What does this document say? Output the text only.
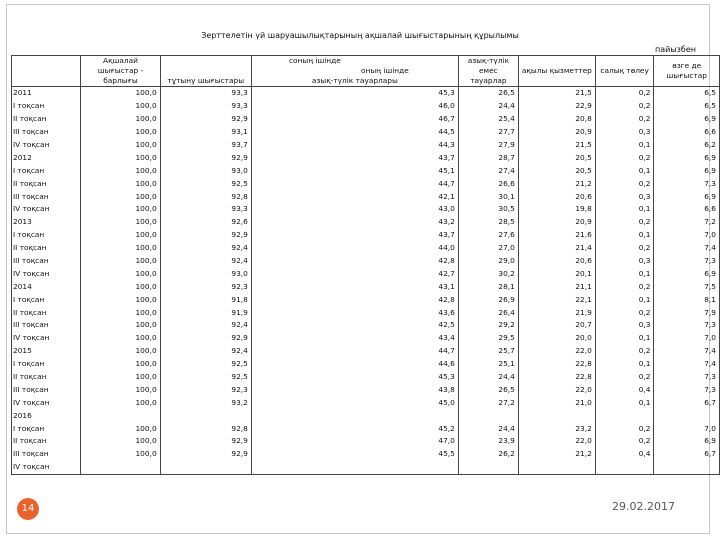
Зерттелетін үй шаруашылықтарының ақшалай шығыстарының құрылымы
пайызбен
	Ақшалай шығыстар - барлығы	тұтыну шығыстары	соның ішінде
оның ішінде
азық-түлік тауарлары	азық-түлік емес тауарлар	ақылы қызметтер	салық төлеу	өзге де шығыстар
2011	100,0	93,3	45,3	26,5	21,5	0,2	6,5
I тоқсан	100,0	93,3	46,0	24,4	22,9	0,2	6,5
II тоқсан	100,0	92,9	46,7	25,4	20,8	0,2	6,9
III тоқсан	100,0	93,1	44,5	27,7	20,9	0,3	6,6
IV тоқсан	100,0	93,7	44,3	27,9	21,5	0,1	6,2
2012	100,0	92,9	43,7	28,7	20,5	0,2	6,9
I тоқсан	100,0	93,0	45,1	27,4	20,5	0,1	6,9
II тоқсан	100,0	92,5	44,7	26,6	21,2	0,2	7,3
III тоқсан	100,0	92,8	42,1	30,1	20,6	0,3	6,9
IV тоқсан	100,0	93,3	43,0	30,5	19,8	0,1	6,6
2013	100,0	92,6	43,2	28,5	20,9	0,2	7,2
I тоқсан	100,0	92,9	43,7	27,6	21,6	0,1	7,0
II тоқсан	100,0	92,4	44,0	27,0	21,4	0,2	7,4
III тоқсан	100,0	92,4	42,8	29,0	20,6	0,3	7,3
IV тоқсан	100,0	93,0	42,7	30,2	20,1	0,1	6,9
2014	100,0	92,3	43,1	28,1	21,1	0,2	7,5
I тоқсан	100,0	91,8	42,8	26,9	22,1	0,1	8,1
II тоқсан	100,0	91,9	43,6	26,4	21,9	0,2	7,9
III тоқсан	100,0	92,4	42,5	29,2	20,7	0,3	7,3
IV тоқсан	100,0	92,9	43,4	29,5	20,0	0,1	7,0
2015	100,0	92,4	44,7	25,7	22,0	0,2	7,4
I тоқсан	100,0	92,5	44,6	25,1	22,8	0,1	7,4
II тоқсан	100,0	92,5	45,3	24,4	22,8	0,2	7,3
III тоқсан	100,0	92,3	43,8	26,5	22,0	0,4	7,3
IV тоқсан	100,0	93,2	45,0	27,2	21,0	0,1	6,7
2016							
I тоқсан	100,0	92,8	45,2	24,4	23,2	0,2	7,0
II тоқсан	100,0	92,9	47,0	23,9	22,0	0,2	6,9
III тоқсан	100,0	92,9	45,5	26,2	21,2	0,4	6,7
IV тоқсан							
14	29.02.2017
